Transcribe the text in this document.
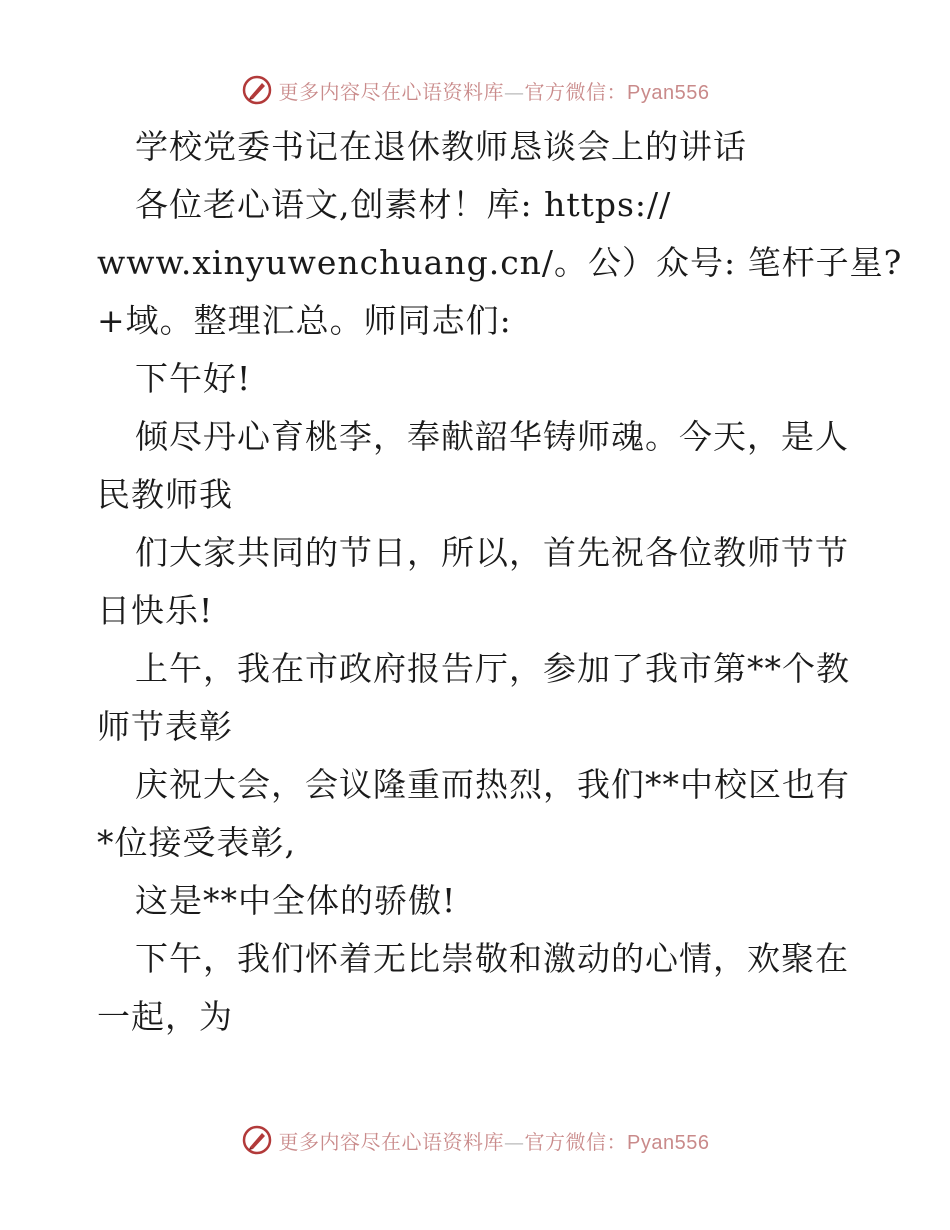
更多内容尽在心语资料库—官方微信：Pyan556
学校党委书记在退休教师恳谈会上的讲话
各位老心语文,创素材！库: https://
www.xinyuwenchuang.cn/。公）众号: 笔杆子星?
+域。整理汇总。师同志们:
下午好!
倾尽丹心育桃李，奉献韶华铸师魂。今天，是人
民教师我
们大家共同的节日，所以，首先祝各位教师节节
日快乐!
上午，我在市政府报告厅，参加了我市第**个教
师节表彰
庆祝大会，会议隆重而热烈，我们**中校区也有
*位接受表彰,
这是**中全体的骄傲!
下午，我们怀着无比崇敬和激动的心情，欢聚在
一起，为
更多内容尽在心语资料库—官方微信：Pyan556
